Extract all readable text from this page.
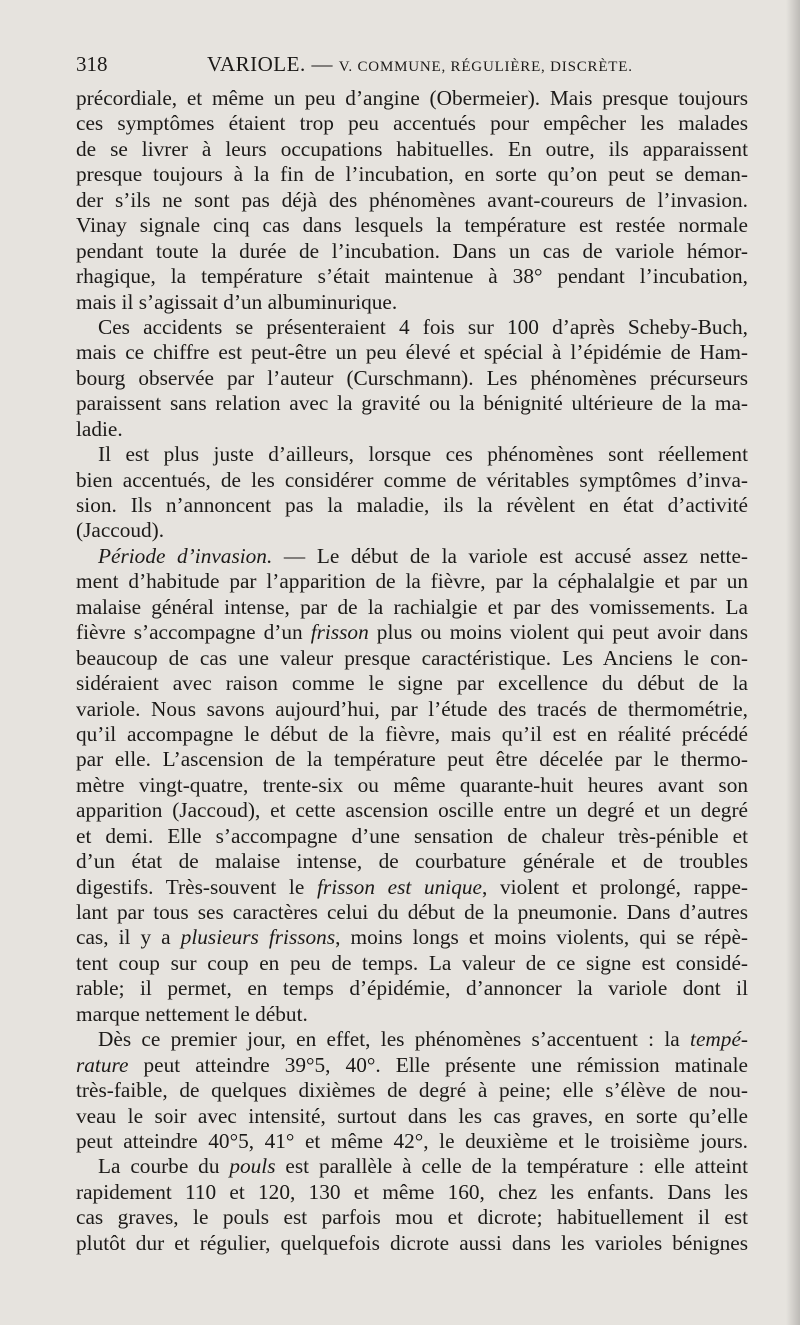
318	VARIOLE. — V. COMMUNE, RÉGULIÈRE, DISCRÈTE.
précordiale, et même un peu d’angine (Obermeier). Mais presque toujours
ces symptômes étaient trop peu accentués pour empêcher les malades
de se livrer à leurs occupations habituelles. En outre, ils apparaissent
presque toujours à la fin de l’incubation, en sorte qu’on peut se deman-
der s’ils ne sont pas déjà des phénomènes avant-coureurs de l’invasion.
Vinay signale cinq cas dans lesquels la température est restée normale
pendant toute la durée de l’incubation. Dans un cas de variole hémor-
rhagique, la température s’était maintenue à 38° pendant l’incubation,
mais il s’agissait d’un albuminurique.
Ces accidents se présenteraient 4 fois sur 100 d’après Scheby-Buch,
mais ce chiffre est peut-être un peu élevé et spécial à l’épidémie de Ham-
bourg observée par l’auteur (Curschmann). Les phénomènes précurseurs
paraissent sans relation avec la gravité ou la bénignité ultérieure de la ma-
ladie.
Il est plus juste d’ailleurs, lorsque ces phénomènes sont réellement
bien accentués, de les considérer comme de véritables symptômes d’inva-
sion. Ils n’annoncent pas la maladie, ils la révèlent en état d’activité
(Jaccoud).
Période d’invasion. — Le début de la variole est accusé assez nette-
ment d’habitude par l’apparition de la fièvre, par la céphalalgie et par un
malaise général intense, par de la rachialgie et par des vomissements. La
fièvre s’accompagne d’un frisson plus ou moins violent qui peut avoir dans
beaucoup de cas une valeur presque caractéristique. Les Anciens le con-
sidéraient avec raison comme le signe par excellence du début de la
variole. Nous savons aujourd’hui, par l’étude des tracés de thermométrie,
qu’il accompagne le début de la fièvre, mais qu’il est en réalité précédé
par elle. L’ascension de la température peut être décelée par le thermo-
mètre vingt-quatre, trente-six ou même quarante-huit heures avant son
apparition (Jaccoud), et cette ascension oscille entre un degré et un degré
et demi. Elle s’accompagne d’une sensation de chaleur très-pénible et
d’un état de malaise intense, de courbature générale et de troubles
digestifs. Très-souvent le frisson est unique, violent et prolongé, rappe-
lant par tous ses caractères celui du début de la pneumonie. Dans d’autres
cas, il y a plusieurs frissons, moins longs et moins violents, qui se répè-
tent coup sur coup en peu de temps. La valeur de ce signe est considé-
rable; il permet, en temps d’épidémie, d’annoncer la variole dont il
marque nettement le début.
Dès ce premier jour, en effet, les phénomènes s’accentuent : la tempé-
rature peut atteindre 39°5, 40°. Elle présente une rémission matinale
très-faible, de quelques dixièmes de degré à peine; elle s’élève de nou-
veau le soir avec intensité, surtout dans les cas graves, en sorte qu’elle
peut atteindre 40°5, 41° et même 42°, le deuxième et le troisième jours.
La courbe du pouls est parallèle à celle de la température : elle atteint
rapidement 110 et 120, 130 et même 160, chez les enfants. Dans les
cas graves, le pouls est parfois mou et dicrote; habituellement il est
plutôt dur et régulier, quelquefois dicrote aussi dans les varioles bénignes
